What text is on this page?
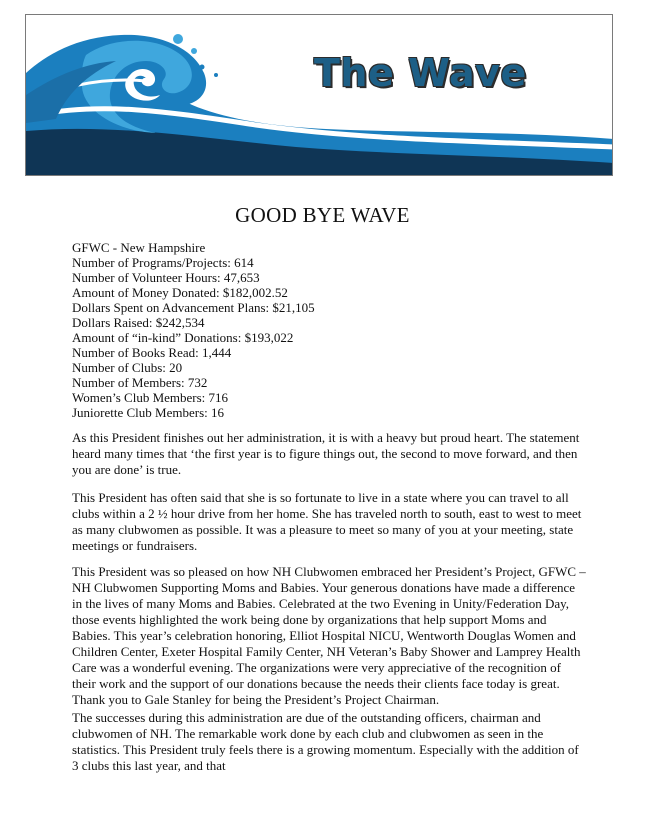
The Wave
GOOD BYE WAVE
GFWC - New Hampshire
Number of Programs/Projects: 614
Number of Volunteer Hours: 47,653
Amount of Money Donated: $182,002.52
Dollars Spent on Advancement Plans: $21,105
Dollars Raised: $242,534
Amount of “in-kind” Donations: $193,022
Number of Books Read: 1,444
Number of Clubs: 20
Number of Members: 732
Women’s Club Members: 716
Juniorette Club Members: 16

As this President finishes out her administration, it is with a heavy but proud heart. The statement heard many times that ‘the first year is to figure things out, the second to move forward, and then you are done’ is true.

This President has often said that she is so fortunate to live in a state where you can travel to all clubs within a 2 ½ hour drive from her home. She has traveled north to south, east to west to meet as many clubwomen as possible. It was a pleasure to meet so many of you at your meeting, state meetings or fundraisers.

This President was so pleased on how NH Clubwomen embraced her President’s Project, GFWC – NH Clubwomen Supporting Moms and Babies. Your generous donations have made a difference in the lives of many Moms and Babies. Celebrated at the two Evening in Unity/Federation Day, those events highlighted the work being done by organizations that help support Moms and Babies. This year’s celebration honoring, Elliot Hospital NICU, Wentworth Douglas Women and Children Center, Exeter Hospital Family Center, NH Veteran’s Baby Shower and Lamprey Health Care was a wonderful evening. The organizations were very appreciative of the recognition of their work and the support of our donations because the needs their clients face today is great. Thank you to Gale Stanley for being the President’s Project Chairman.

The successes during this administration are due of the outstanding officers, chairman and clubwomen of NH. The remarkable work done by each club and clubwomen as seen in the statistics. This President truly feels there is a growing momentum. Especially with the addition of 3 clubs this last year, and that
